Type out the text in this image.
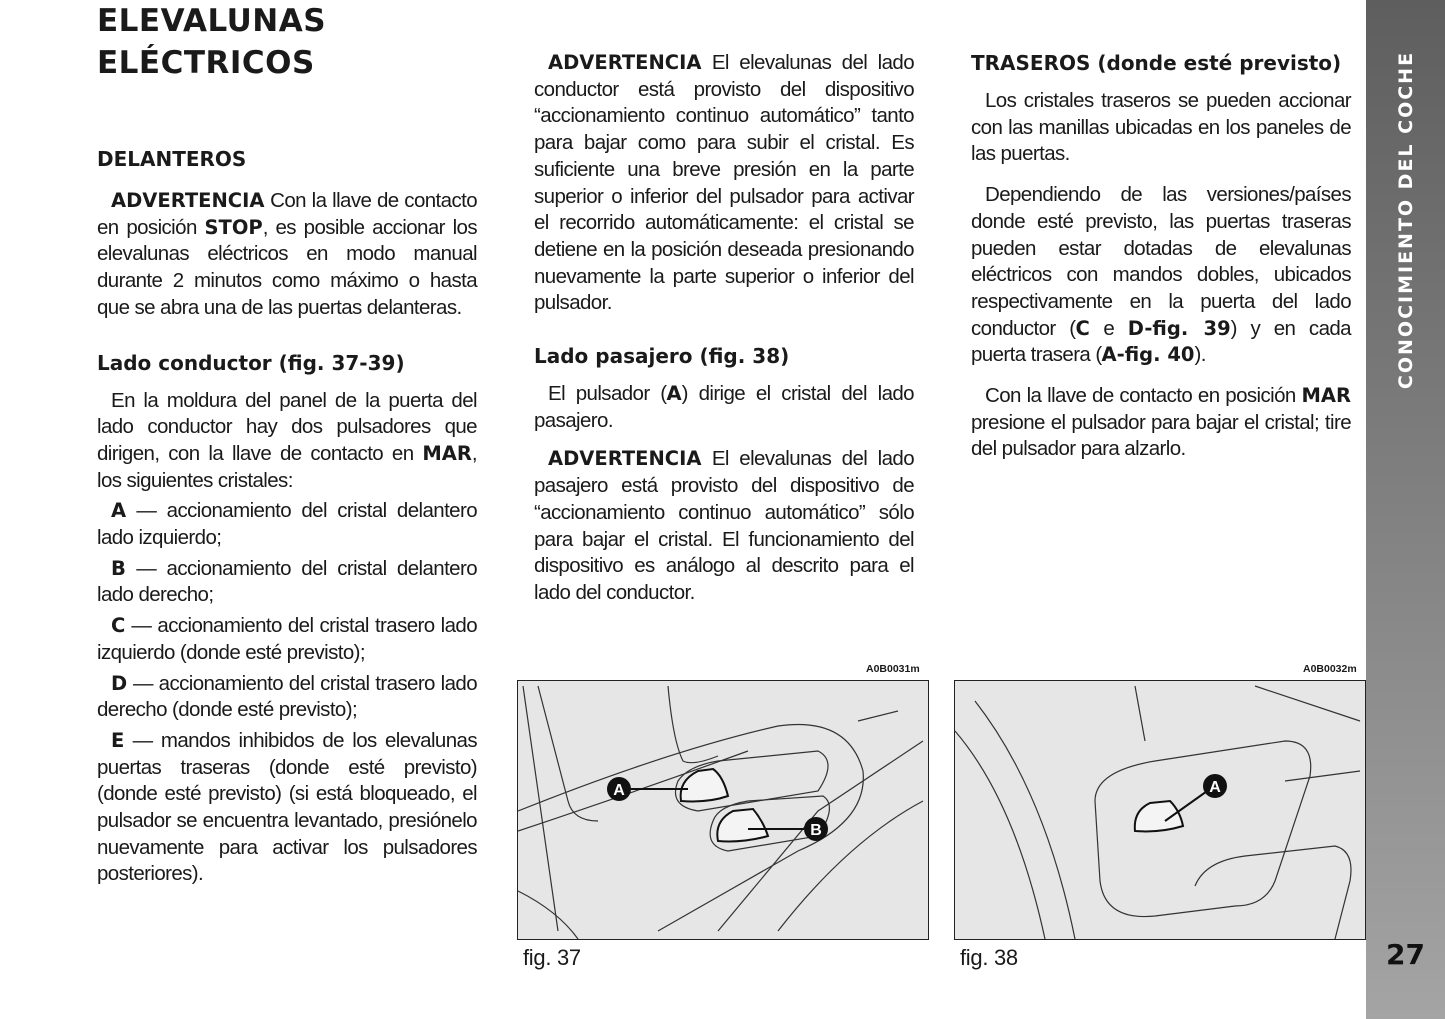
ELEVALUNAS ELÉCTRICOS
DELANTEROS

ADVERTENCIA Con la llave de contacto en posición STOP, es posible accionar los elevalunas eléctricos en modo manual durante 2 minutos como máximo o hasta que se abra una de las puertas delanteras.

Lado conductor (fig. 37-39)

En la moldura del panel de la puerta del lado conductor hay dos pulsadores que dirigen, con la llave de contacto en MAR, los siguientes cristales:

A — accionamiento del cristal delantero lado izquierdo;

B — accionamiento del cristal delantero lado derecho;

C — accionamiento del cristal trasero lado izquierdo (donde esté previsto);

D — accionamiento del cristal trasero lado derecho (donde esté previsto);

E — mandos inhibidos de los elevalunas puertas traseras (donde esté previsto) (donde esté previsto) (si está bloqueado, el pulsador se encuentra levantado, presiónelo nuevamente para activar los pulsadores posteriores).

ADVERTENCIA El elevalunas del lado conductor está provisto del dispositivo “accionamiento continuo automático” tanto para bajar como para subir el cristal. Es suficiente una breve presión en la parte superior o inferior del pulsador para activar el recorrido automáticamente: el cristal se detiene en la posición deseada presionando nuevamente la parte superior o inferior del pulsador.

Lado pasajero (fig. 38)

El pulsador (A) dirige el cristal del lado pasajero.

ADVERTENCIA El elevalunas del lado pasajero está provisto del dispositivo de “accionamiento continuo automático” sólo para bajar el cristal. El funcionamiento del dispositivo es análogo al descrito para el lado del conductor.

TRASEROS (donde esté previsto)

Los cristales traseros se pueden accionar con las manillas ubicadas en los paneles de las puertas.

Dependiendo de las versiones/países donde esté previsto, las puertas traseras pueden estar dotadas de elevalunas eléctricos con mandos dobles, ubicados respectivamente en la puerta del lado conductor (C e D-fig. 39) y en cada puerta trasera (A-fig. 40).

Con la llave de contacto en posición MAR presione el pulsador para bajar el cristal; tire del pulsador para alzarlo.

A0B0031m
A
B
fig. 37
A0B0032m
A
fig. 38
CONOCIMIENTO DEL COCHE
27
